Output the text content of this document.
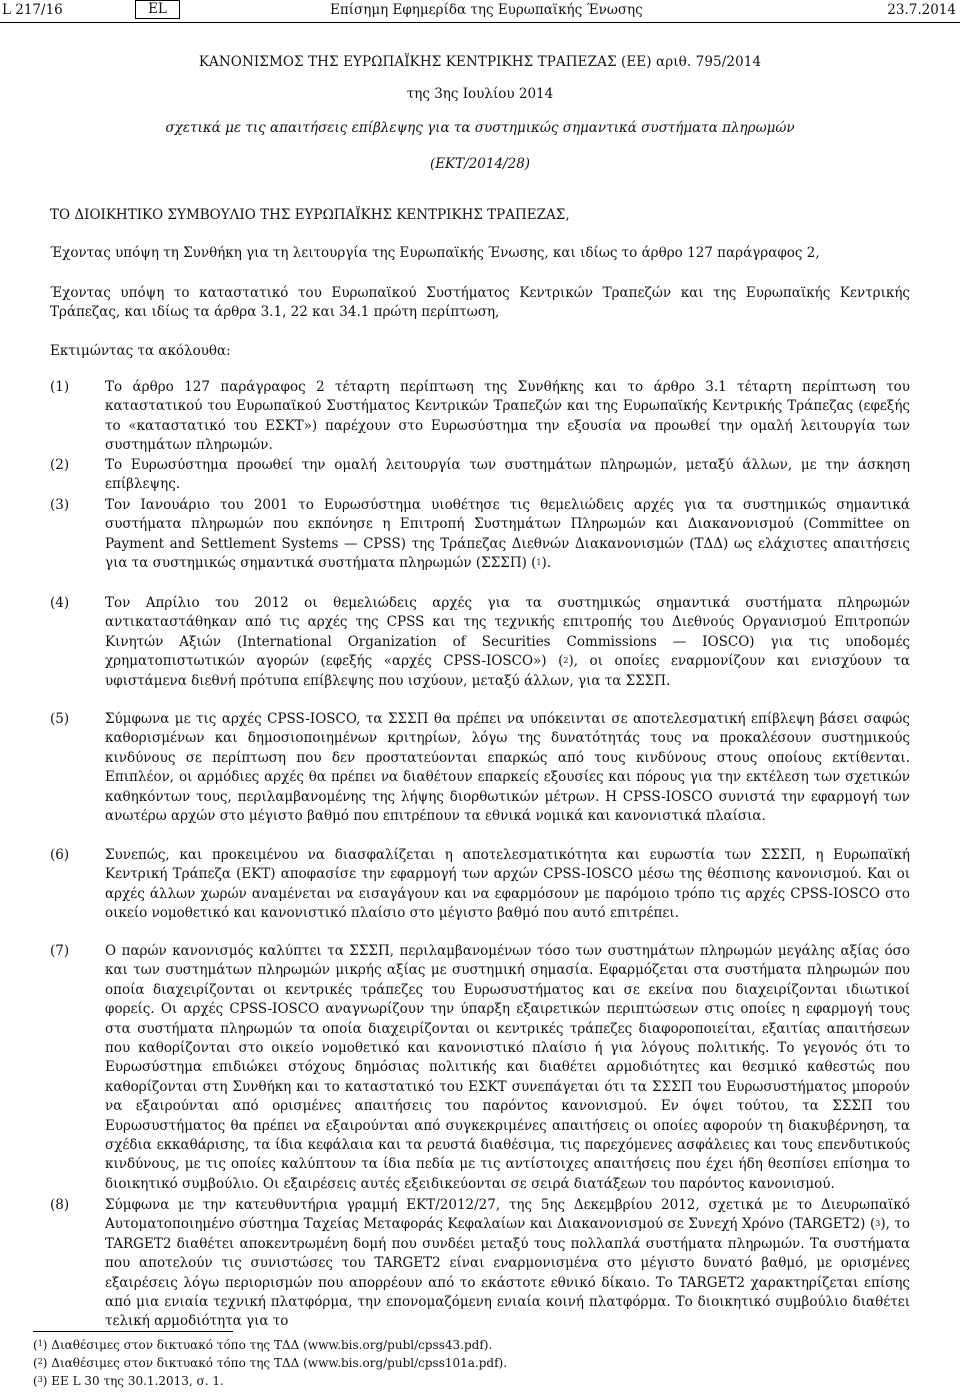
L 217/16	EL	Επίσημη Εφημερίδα της Ευρωπαϊκής Ένωσης	23.7.2014

ΚΑΝΟΝΙΣΜΟΣ ΤΗΣ ΕΥΡΩΠΑΪΚΗΣ ΚΕΝΤΡΙΚΗΣ ΤΡΑΠΕΖΑΣ (ΕΕ) αριθ. 795/2014

της 3ης Ιουλίου 2014

σχετικά με τις απαιτήσεις επίβλεψης για τα συστημικώς σημαντικά συστήματα πληρωμών

(ΕΚΤ/2014/28)

ΤΟ ΔΙΟΙΚΗΤΙΚΟ ΣΥΜΒΟΥΛΙΟ ΤΗΣ ΕΥΡΩΠΑΪΚΗΣ ΚΕΝΤΡΙΚΗΣ ΤΡΑΠΕΖΑΣ,

Έχοντας υπόψη τη Συνθήκη για τη λειτουργία της Ευρωπαϊκής Ένωσης, και ιδίως το άρθρο 127 παράγραφος 2,

Έχοντας υπόψη το καταστατικό του Ευρωπαϊκού Συστήματος Κεντρικών Τραπεζών και της Ευρωπαϊκής Κεντρικής Τράπεζας, και ιδίως τα άρθρα 3.1, 22 και 34.1 πρώτη περίπτωση,

Εκτιμώντας τα ακόλουθα:

(1)	Το άρθρο 127 παράγραφος 2 τέταρτη περίπτωση της Συνθήκης και το άρθρο 3.1 τέταρτη περίπτωση του καταστατικού του Ευρωπαϊκού Συστήματος Κεντρικών Τραπεζών και της Ευρωπαϊκής Κεντρικής Τράπεζας (εφεξής το «καταστατικό του ΕΣΚΤ») παρέχουν στο Ευρωσύστημα την εξουσία να προωθεί την ομαλή λειτουργία των συστημάτων πληρωμών.
(2)	Το Ευρωσύστημα προωθεί την ομαλή λειτουργία των συστημάτων πληρωμών, μεταξύ άλλων, με την άσκηση επίβλεψης.
(3)	Τον Ιανουάριο του 2001 το Ευρωσύστημα υιοθέτησε τις θεμελιώδεις αρχές για τα συστημικώς σημαντικά συστήματα πληρωμών που εκπόνησε η Επιτροπή Συστημάτων Πληρωμών και Διακανονισμού (Committee on Payment and Settlement Systems — CPSS) της Τράπεζας Διεθνών Διακανονισμών (ΤΔΔ) ως ελάχιστες απαιτήσεις για τα συστημικώς σημαντικά συστήματα πληρωμών (ΣΣΣΠ) ($^1$).
(4)	Τον Απρίλιο του 2012 οι θεμελιώδεις αρχές για τα συστημικώς σημαντικά συστήματα πληρωμών αντικαταστάθηκαν από τις αρχές της CPSS και της τεχνικής επιτροπής του Διεθνούς Οργανισμού Επιτροπών Κινητών Αξιών (International Organization of Securities Commissions — IOSCO) για τις υποδομές χρηματοπιστωτικών αγορών (εφεξής «αρχές CPSS-IOSCO») ($^2$), οι οποίες εναρμονίζουν και ενισχύουν τα υφιστάμενα διεθνή πρότυπα επίβλεψης που ισχύουν, μεταξύ άλλων, για τα ΣΣΣΠ.
(5)	Σύμφωνα με τις αρχές CPSS-IOSCO, τα ΣΣΣΠ θα πρέπει να υπόκεινται σε αποτελεσματική επίβλεψη βάσει σαφώς καθορισμένων και δημοσιοποιημένων κριτηρίων, λόγω της δυνατότητάς τους να προκαλέσουν συστημικούς κινδύνους σε περίπτωση που δεν προστατεύονται επαρκώς από τους κινδύνους στους οποίους εκτίθενται. Επιπλέον, οι αρμόδιες αρχές θα πρέπει να διαθέτουν επαρκείς εξουσίες και πόρους για την εκτέλεση των σχετικών καθηκόντων τους, περιλαμβανομένης της λήψης διορθωτικών μέτρων. Η CPSS-IOSCO συνιστά την εφαρμογή των ανωτέρω αρχών στο μέγιστο βαθμό που επιτρέπουν τα εθνικά νομικά και κανονιστικά πλαίσια.
(6)	Συνεπώς, και προκειμένου να διασφαλίζεται η αποτελεσματικότητα και ευρωστία των ΣΣΣΠ, η Ευρωπαϊκή Κεντρική Τράπεζα (ΕΚΤ) αποφασίσε την εφαρμογή των αρχών CPSS-IOSCO μέσω της θέσπισης κανονισμού. Και οι αρχές άλλων χωρών αναμένεται να εισαγάγουν και να εφαρμόσουν με παρόμοιο τρόπο τις αρχές CPSS-IOSCO στο οικείο νομοθετικό και κανονιστικό πλαίσιο στο μέγιστο βαθμό που αυτό επιτρέπει.
(7)	Ο παρών κανονισμός καλύπτει τα ΣΣΣΠ, περιλαμβανομένων τόσο των συστημάτων πληρωμών μεγάλης αξίας όσο και των συστημάτων πληρωμών μικρής αξίας με συστημική σημασία. Εφαρμόζεται στα συστήματα πληρωμών που οποία διαχειρίζονται οι κεντρικές τράπεζες του Ευρωσυστήματος και σε εκείνα που διαχειρίζονται ιδιωτικοί φορείς. Οι αρχές CPSS-IOSCO αναγνωρίζουν την ύπαρξη εξαιρετικών περιπτώσεων στις οποίες η εφαρμογή τους στα συστήματα πληρωμών τα οποία διαχειρίζονται οι κεντρικές τράπεζες διαφοροποιείται, εξαιτίας απαιτήσεων που καθορίζονται στο οικείο νομοθετικό και κανονιστικό πλαίσιο ή για λόγους πολιτικής. Το γεγονός ότι το Ευρωσύστημα επιδιώκει στόχους δημόσιας πολιτικής και διαθέτει αρμοδιότητες και θεσμικό καθεστώς που καθορίζονται στη Συνθήκη και το καταστατικό του ΕΣΚΤ συνεπάγεται ότι τα ΣΣΣΠ του Ευρωσυστήματος μπορούν να εξαιρούνται από ορισμένες απαιτήσεις του παρόντος κανονισμού. Εν όψει τούτου, τα ΣΣΣΠ του Ευρωσυστήματος θα πρέπει να εξαιρούνται από συγκεκριμένες απαιτήσεις οι οποίες αφορούν τη διακυβέρνηση, τα σχέδια εκκαθάρισης, τα ίδια κεφάλαια και τα ρευστά διαθέσιμα, τις παρεχόμενες ασφάλειες και τους επενδυτικούς κινδύνους, με τις οποίες καλύπτουν τα ίδια πεδία με τις αντίστοιχες απαιτήσεις που έχει ήδη θεσπίσει επίσημα το διοικητικό συμβούλιο. Οι εξαιρέσεις αυτές εξειδικεύονται σε σειρά διατάξεων του παρόντος κανονισμού.
(8)	Σύμφωνα με την κατευθυντήρια γραμμή ΕΚΤ/2012/27, της 5ης Δεκεμβρίου 2012, σχετικά με το Διευρωπαϊκό Αυτοματοποιημένο σύστημα Ταχείας Μεταφοράς Κεφαλαίων και Διακανονισμού σε Συνεχή Χρόνο (TARGET2) ($^3$), το TARGET2 διαθέτει αποκεντρωμένη δομή που συνδέει μεταξύ τους πολλαπλά συστήματα πληρωμών. Τα συστήματα που αποτελούν τις συνιστώσες του TARGET2 είναι εναρμονισμένα στο μέγιστο δυνατό βαθμό, με ορισμένες εξαιρέσεις λόγω περιορισμών που απορρέουν από το εκάστοτε εθνικό δίκαιο. Το TARGET2 χαρακτηρίζεται επίσης από μια ενιαία τεχνική πλατφόρμα, την επονομαζόμενη ενιαία κοινή πλατφόρμα. Το διοικητικό συμβούλιο διαθέτει τελική αρμοδιότητα για το
($^1$) Διαθέσιμες στον δικτυακό τόπο της ΤΔΔ (www.bis.org/publ/cpss43.pdf).
($^2$) Διαθέσιμες στον δικτυακό τόπο της ΤΔΔ (www.bis.org/publ/cpss101a.pdf).
($^3$) ΕΕ L 30 της 30.1.2013, σ. 1.
